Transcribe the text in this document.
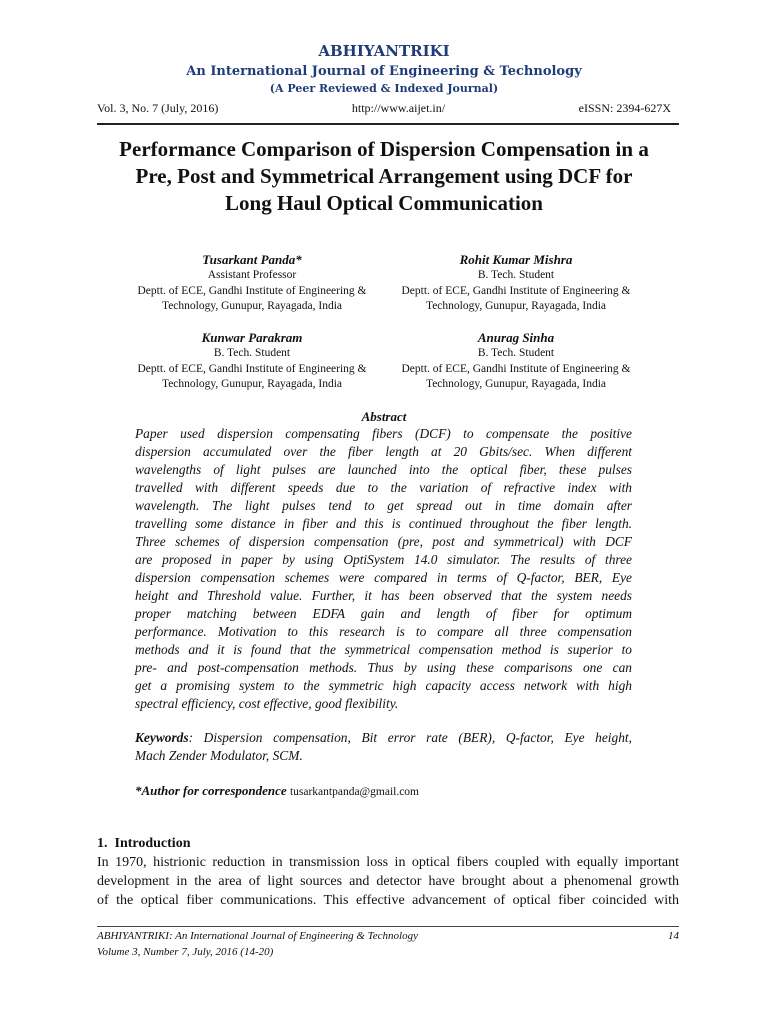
ABHIYANTRIKI
An International Journal of Engineering & Technology
(A Peer Reviewed & Indexed Journal)
Vol. 3, No. 7 (July, 2016)	http://www.aijet.in/	eISSN: 2394-627X
Performance Comparison of Dispersion Compensation in a
Pre, Post and Symmetrical Arrangement using DCF for
Long Haul Optical Communication
Tusarkant Panda*
Assistant Professor
Deptt. of ECE, Gandhi Institute of Engineering &
Technology, Gunupur, Rayagada, India
Rohit Kumar Mishra
B. Tech. Student
Deptt. of ECE, Gandhi Institute of Engineering &
Technology, Gunupur, Rayagada, India
Kunwar Parakram
B. Tech. Student
Deptt. of ECE, Gandhi Institute of Engineering &
Technology, Gunupur, Rayagada, India
Anurag Sinha
B. Tech. Student
Deptt. of ECE, Gandhi Institute of Engineering &
Technology, Gunupur, Rayagada, India
Abstract
Paper used dispersion compensating fibers (DCF) to compensate the positive
dispersion accumulated over the fiber length at 20 Gbits/sec. When different
wavelengths of light pulses are launched into the optical fiber, these pulses
travelled with different speeds due to the variation of refractive index with
wavelength. The light pulses tend to get spread out in time domain after
travelling some distance in fiber and this is continued throughout the fiber length.
Three schemes of dispersion compensation (pre, post and symmetrical) with DCF
are proposed in paper by using OptiSystem 14.0 simulator. The results of three
dispersion compensation schemes were compared in terms of Q-factor, BER, Eye
height and Threshold value. Further, it has been observed that the system needs
proper matching between EDFA gain and length of fiber for optimum
performance. Motivation to this research is to compare all three compensation
methods and it is found that the symmetrical compensation method is superior to
pre- and post-compensation methods. Thus by using these comparisons one can
get a promising system to the symmetric high capacity access network with high
spectral efficiency, cost effective, good flexibility.
Keywords: Dispersion compensation, Bit error rate (BER), Q-factor, Eye height,
Mach Zender Modulator, SCM.
*Author for correspondence tusarkantpanda@gmail.com
1.  Introduction
In 1970, histrionic reduction in transmission loss in optical fibers coupled with equally important
development in the area of light sources and detector have brought about a phenomenal growth
of the optical fiber communications. This effective advancement of optical fiber coincided with
ABHIYANTRIKI: An International Journal of Engineering & Technology
Volume 3, Number 7, July, 2016 (14-20)
14
